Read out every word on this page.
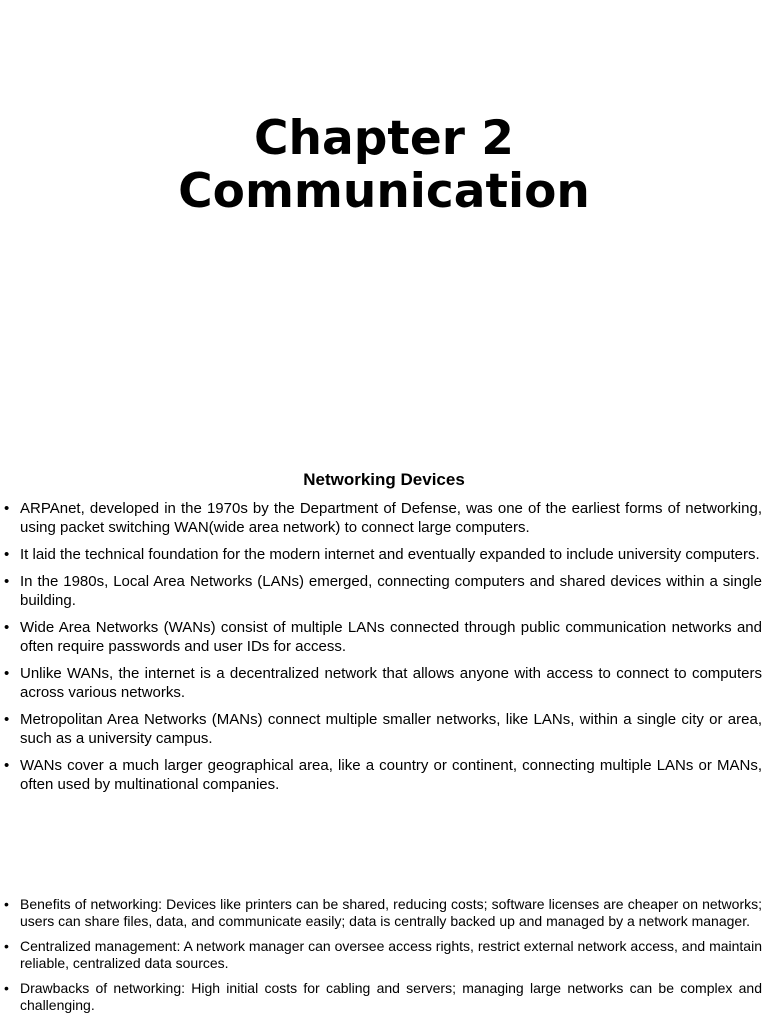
Chapter 2
Communication
Networking Devices
• ARPAnet, developed in the 1970s by the Department of Defense, was one of the earliest forms of networking, using packet switching WAN(wide area network) to connect large computers.
• It laid the technical foundation for the modern internet and eventually expanded to include university computers.
• In the 1980s, Local Area Networks (LANs) emerged, connecting computers and shared devices within a single building.
• Wide Area Networks (WANs) consist of multiple LANs connected through public communication networks and often require passwords and user IDs for access.
• Unlike WANs, the internet is a decentralized network that allows anyone with access to connect to computers across various networks.
• Metropolitan Area Networks (MANs) connect multiple smaller networks, like LANs, within a single city or area, such as a university campus.
• WANs cover a much larger geographical area, like a country or continent, connecting multiple LANs or MANs, often used by multinational companies.
• Benefits of networking: Devices like printers can be shared, reducing costs; software licenses are cheaper on networks; users can share files, data, and communicate easily; data is centrally backed up and managed by a network manager.
• Centralized management: A network manager can oversee access rights, restrict external network access, and maintain reliable, centralized data sources.
• Drawbacks of networking: High initial costs for cabling and servers; managing large networks can be complex and challenging.
